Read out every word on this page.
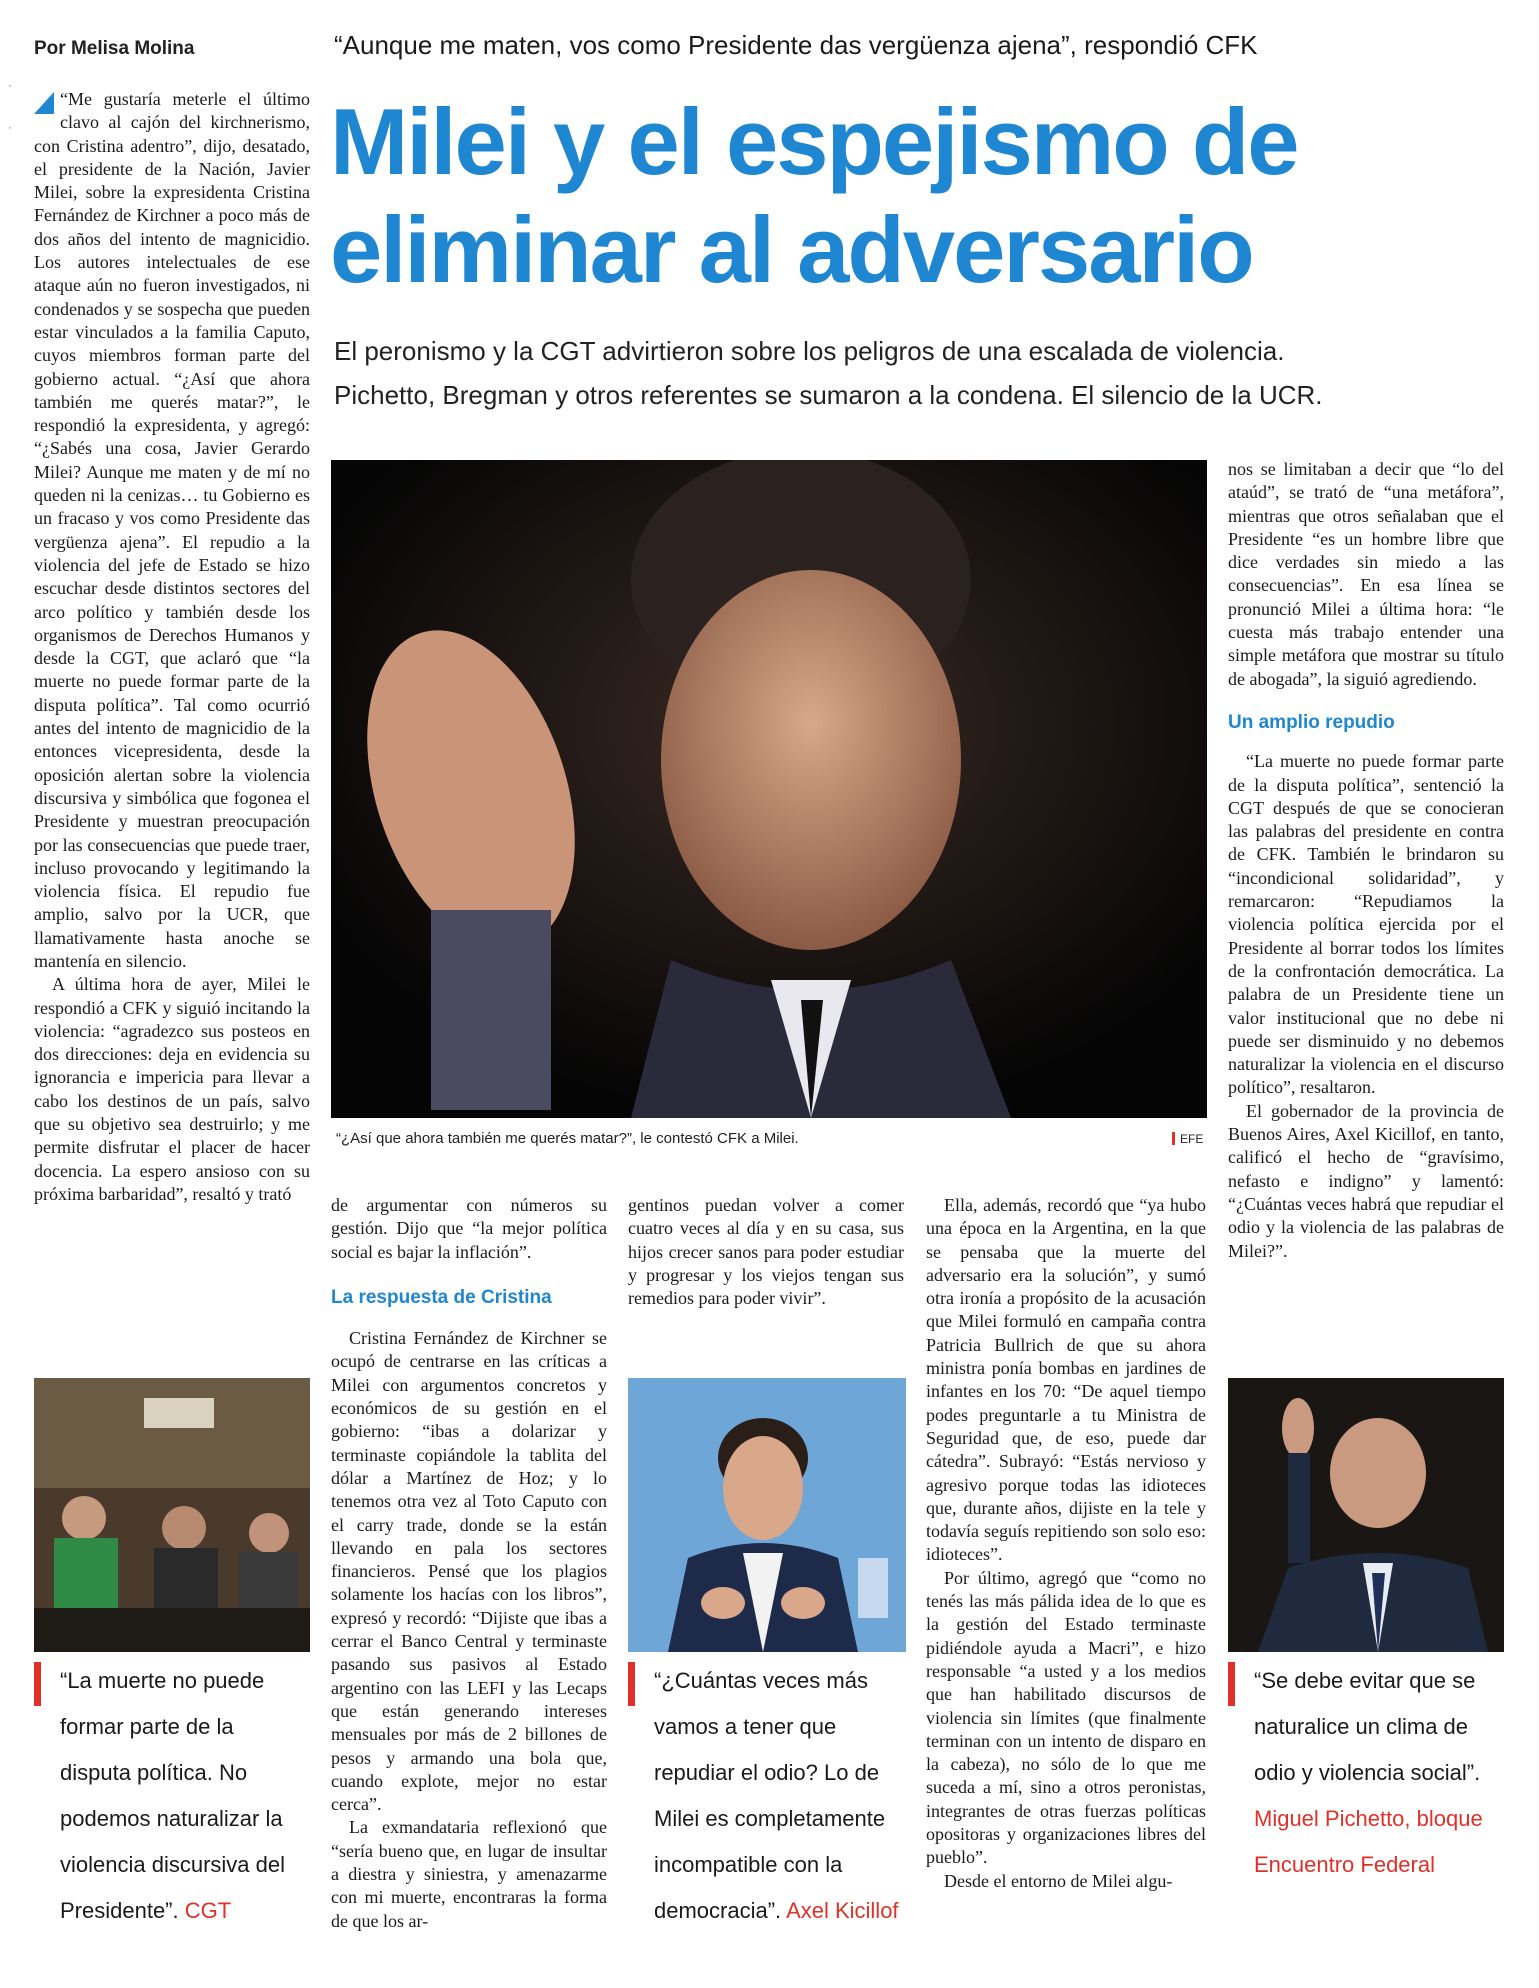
Por Melisa Molina
·
·
“Aunque me maten, vos como Presidente das vergüenza ajena”, respondió CFK
Milei y el espejismo de
eliminar al adversario
El peronismo y la CGT advirtieron sobre los peligros de una escalada de violencia.
Pichetto, Bregman y otros referentes se sumaron a la condena. El silencio de la UCR.

“Me gustaría meterle el último clavo al cajón del kirchnerismo, con Cristina adentro”, dijo, desatado, el presidente de la Nación, Javier Milei, sobre la expresidenta Cristina Fernández de Kirchner a poco más de dos años del intento de magnicidio. Los autores intelectuales de ese ataque aún no fueron investigados, ni condenados y se sospecha que pueden estar vinculados a la familia Caputo, cuyos miembros forman parte del gobierno actual. “¿Así que ahora también me querés matar?”, le respondió la expresidenta, y agregó: “¿Sabés una cosa, Javier Gerardo Milei? Aunque me maten y de mí no queden ni la cenizas… tu Gobierno es un fracaso y vos como Presidente das vergüenza ajena”. El repudio a la violencia del jefe de Estado se hizo escuchar desde distintos sectores del arco político y también desde los organismos de Derechos Humanos y desde la CGT, que aclaró que “la muerte no puede formar parte de la disputa política”. Tal como ocurrió antes del intento de magnicidio de la entonces vicepresidenta, desde la oposición alertan sobre la violencia discursiva y simbólica que fogonea el Presidente y muestran preocupación por las consecuencias que puede traer, incluso provocando y legitimando la violencia física. El repudio fue amplio, salvo por la UCR, que llamativamente hasta anoche se mantenía en silencio.

A última hora de ayer, Milei le respondió a CFK y siguió incitando la violencia: “agradezco sus posteos en dos direcciones: deja en evidencia su ignorancia e impericia para llevar a cabo los destinos de un país, salvo que su objetivo sea destruirlo; y me permite disfrutar el placer de hacer docencia. La espero ansioso con su próxima barbaridad”, resaltó y trató

“¿Así que ahora también me querés matar?”, le contestó CFK a Milei.	EFE

de argumentar con números su gestión. Dijo que “la mejor política social es bajar la inflación”.

La respuesta de Cristina

Cristina Fernández de Kirchner se ocupó de centrarse en las críticas a Milei con argumentos concretos y económicos de su gestión en el gobierno: “ibas a dolarizar y terminaste copiándole la tablita del dólar a Martínez de Hoz; y lo tenemos otra vez al Toto Caputo con el carry trade, donde se la están llevando en pala los sectores financieros. Pensé que los plagios solamente los hacías con los libros”, expresó y recordó: “Dijiste que ibas a cerrar el Banco Central y terminaste pasando sus pasivos al Estado argentino con las LEFI y las Lecaps que están generando intereses mensuales por más de 2 billones de pesos y armando una bola que, cuando explote, mejor no estar cerca”.

La exmandataria reflexionó que “sería bueno que, en lugar de insultar a diestra y siniestra, y amenazarme con mi muerte, encontraras la forma de que los ar-

gentinos puedan volver a comer cuatro veces al día y en su casa, sus hijos crecer sanos para poder estudiar y progresar y los viejos tengan sus remedios para poder vivir”.

Ella, además, recordó que “ya hubo una época en la Argentina, en la que se pensaba que la muerte del adversario era la solución”, y sumó otra ironía a propósito de la acusación que Milei formuló en campaña contra Patricia Bullrich de que su ahora ministra ponía bombas en jardines de infantes en los 70: “De aquel tiempo podes preguntarle a tu Ministra de Seguridad que, de eso, puede dar cátedra”. Subrayó: “Estás nervioso y agresivo porque todas las idioteces que, durante años, dijiste en la tele y todavía seguís repitiendo son solo eso: idioteces”.

Por último, agregó que “como no tenés las más pálida idea de lo que es la gestión del Estado terminaste pidiéndole ayuda a Macri”, e hizo responsable “a usted y a los medios que han habilitado discursos de violencia sin límites (que finalmente terminan con un intento de disparo en la cabeza), no sólo de lo que me suceda a mí, sino a otros peronistas, integrantes de otras fuerzas políticas opositoras y organizaciones libres del pueblo”.

Desde el entorno de Milei algu-

nos se limitaban a decir que “lo del ataúd”, se trató de “una metáfora”, mientras que otros señalaban que el Presidente “es un hombre libre que dice verdades sin miedo a las consecuencias”. En esa línea se pronunció Milei a última hora: “le cuesta más trabajo entender una simple metáfora que mostrar su título de abogada”, la siguió agrediendo.

Un amplio repudio

“La muerte no puede formar parte de la disputa política”, sentenció la CGT después de que se conocieran las palabras del presidente en contra de CFK. También le brindaron su “incondicional solidaridad”, y remarcaron: “Repudiamos la violencia política ejercida por el Presidente al borrar todos los límites de la confrontación democrática. La palabra de un Presidente tiene un valor institucional que no debe ni puede ser disminuido y no debemos naturalizar la violencia en el discurso político”, resaltaron.

El gobernador de la provincia de Buenos Aires, Axel Kicillof, en tanto, calificó el hecho de “gravísimo, nefasto e indigno” y lamentó: “¿Cuántas veces habrá que repudiar el odio y la violencia de las palabras de Milei?”.

“La muerte no puede formar parte de la disputa política. No podemos naturalizar la violencia discursiva del Presidente”. CGT
“¿Cuántas veces más vamos a tener que repudiar el odio? Lo de Milei es completamente incompatible con la democracia”. Axel Kicillof
“Se debe evitar que se naturalice un clima de odio y violencia social”. Miguel Pichetto, bloque Encuentro Federal
